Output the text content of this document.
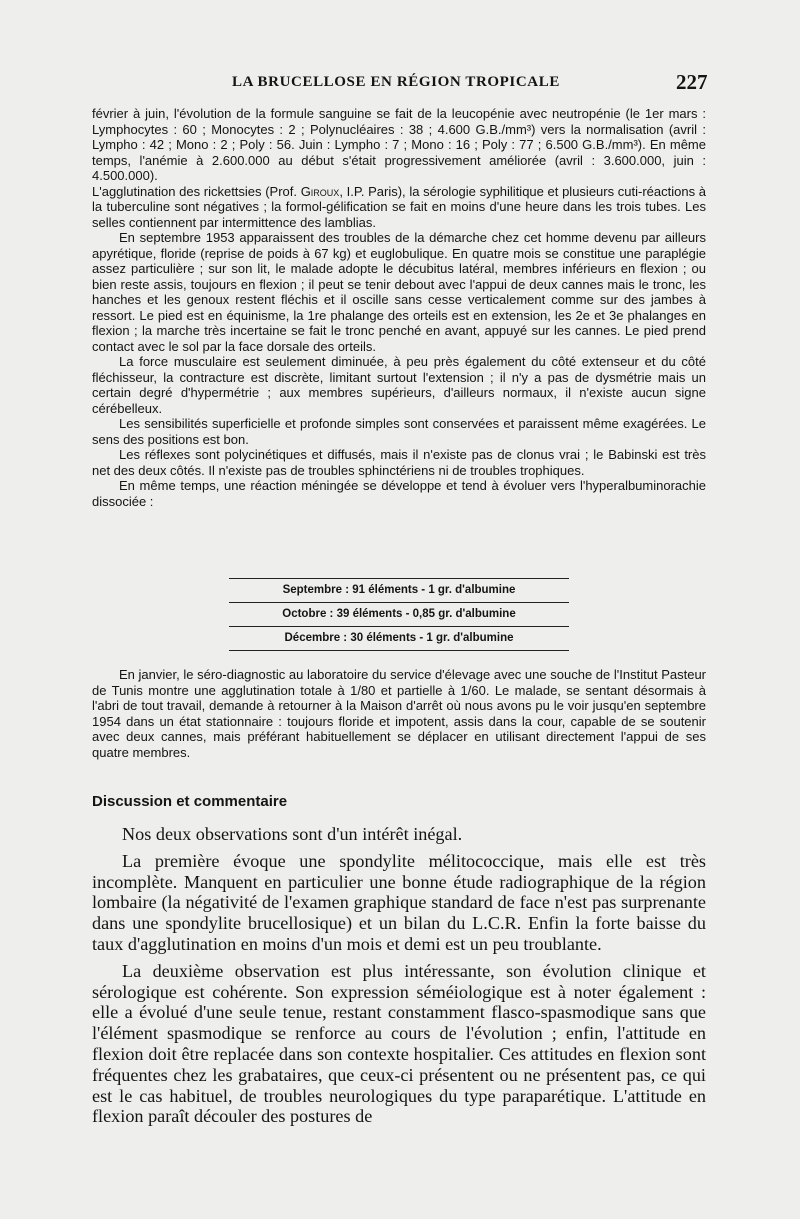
LA BRUCELLOSE EN RÉGION TROPICALE	227

février à juin, l'évolution de la formule sanguine se fait de la leucopénie avec neutropénie (le 1er mars : Lymphocytes : 60 ; Monocytes : 2 ; Polynucléaires : 38 ; 4.600 G.B./mm³) vers la normalisation (avril : Lympho : 42 ; Mono : 2 ; Poly : 56. Juin : Lympho : 7 ; Mono : 16 ; Poly : 77 ; 6.500 G.B./mm³). En même temps, l'anémie à 2.600.000 au début s'était progressivement améliorée (avril : 3.600.000, juin : 4.500.000).

L'agglutination des rickettsies (Prof. Giroux, I.P. Paris), la sérologie syphilitique et plusieurs cuti-réactions à la tuberculine sont négatives ; la formol-gélification se fait en moins d'une heure dans les trois tubes. Les selles contiennent par intermittence des lamblias.

En septembre 1953 apparaissent des troubles de la démarche chez cet homme devenu par ailleurs apyrétique, floride (reprise de poids à 67 kg) et euglobulique. En quatre mois se constitue une paraplégie assez particulière ; sur son lit, le malade adopte le décubitus latéral, membres inférieurs en flexion ; ou bien reste assis, toujours en flexion ; il peut se tenir debout avec l'appui de deux cannes mais le tronc, les hanches et les genoux restent fléchis et il oscille sans cesse verticalement comme sur des jambes à ressort. Le pied est en équinisme, la 1re phalange des orteils est en extension, les 2e et 3e phalanges en flexion ; la marche très incertaine se fait le tronc penché en avant, appuyé sur les cannes. Le pied prend contact avec le sol par la face dorsale des orteils.

La force musculaire est seulement diminuée, à peu près également du côté extenseur et du côté fléchisseur, la contracture est discrète, limitant surtout l'extension ; il n'y a pas de dysmétrie mais un certain degré d'hypermétrie ; aux membres supérieurs, d'ailleurs normaux, il n'existe aucun signe cérébelleux.

Les sensibilités superficielle et profonde simples sont conservées et paraissent même exagérées. Le sens des positions est bon.

Les réflexes sont polycinétiques et diffusés, mais il n'existe pas de clonus vrai ; le Babinski est très net des deux côtés. Il n'existe pas de troubles sphinctériens ni de troubles trophiques.

En même temps, une réaction méningée se développe et tend à évoluer vers l'hyperalbuminorachie dissociée :

Septembre : 91 éléments - 1 gr. d'albumine
Octobre : 39 éléments - 0,85 gr. d'albumine
Décembre : 30 éléments - 1 gr. d'albumine

En janvier, le séro-diagnostic au laboratoire du service d'élevage avec une souche de l'Institut Pasteur de Tunis montre une agglutination totale à 1/80 et partielle à 1/60. Le malade, se sentant désormais à l'abri de tout travail, demande à retourner à la Maison d'arrêt où nous avons pu le voir jusqu'en septembre 1954 dans un état stationnaire : toujours floride et impotent, assis dans la cour, capable de se soutenir avec deux cannes, mais préférant habituellement se déplacer en utilisant directement l'appui de ses quatre membres.

Discussion et commentaire

Nos deux observations sont d'un intérêt inégal.

La première évoque une spondylite mélitococcique, mais elle est très incomplète. Manquent en particulier une bonne étude radiographique de la région lombaire (la négativité de l'examen graphique standard de face n'est pas surprenante dans une spondylite brucellosique) et un bilan du L.C.R. Enfin la forte baisse du taux d'agglutination en moins d'un mois et demi est un peu troublante.

La deuxième observation est plus intéressante, son évolution clinique et sérologique est cohérente. Son expression séméiologique est à noter également : elle a évolué d'une seule tenue, restant constamment flasco-spasmodique sans que l'élément spasmodique se renforce au cours de l'évolution ; enfin, l'attitude en flexion doit être replacée dans son contexte hospitalier. Ces attitudes en flexion sont fréquentes chez les grabataires, que ceux-ci présentent ou ne présentent pas, ce qui est le cas habituel, de troubles neurologiques du type paraparétique. L'attitude en flexion paraît découler des postures de
